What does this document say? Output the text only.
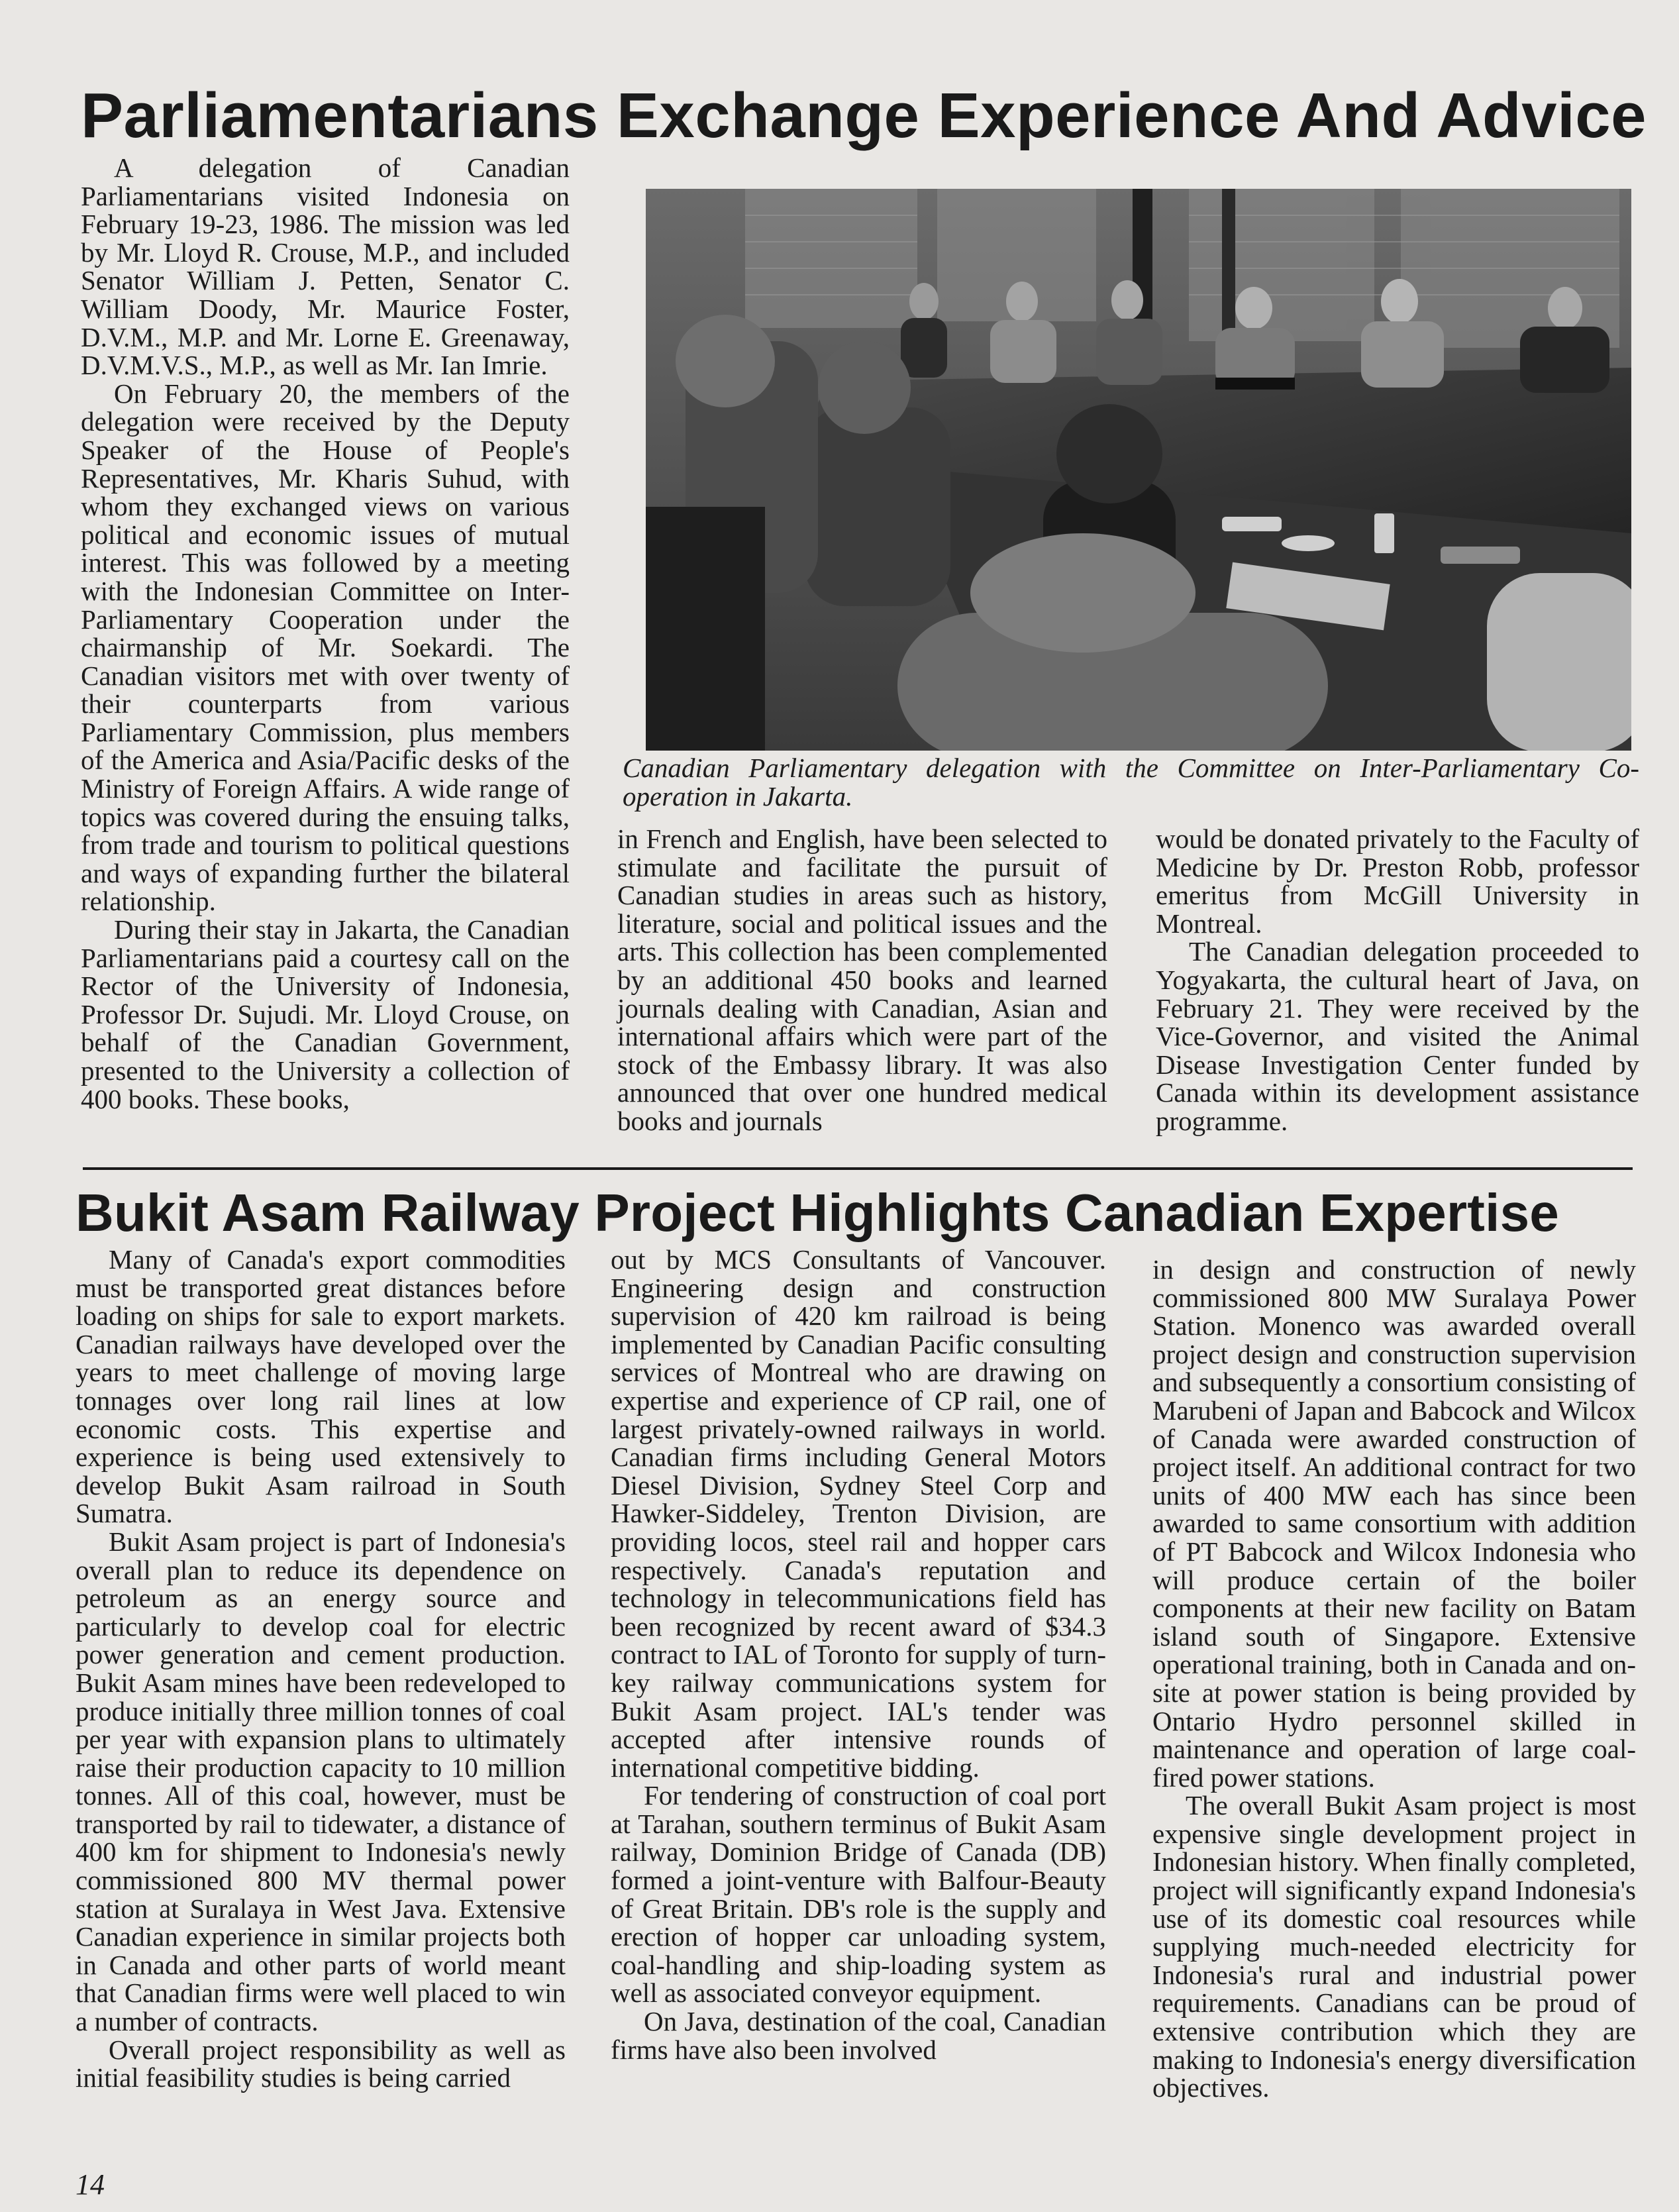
Parliamentarians Exchange Experience And Advice

A delegation of Canadian Parliamentarians visited Indonesia on February 19-23, 1986. The mission was led by Mr. Lloyd R. Crouse, M.P., and included Senator William J. Petten, Senator C. William Doody, Mr. Maurice Foster, D.V.M., M.P. and Mr. Lorne E. Greenaway, D.V.M.V.S., M.P., as well as Mr. Ian Imrie.

On February 20, the members of the delegation were received by the Deputy Speaker of the House of People's Representatives, Mr. Kharis Suhud, with whom they exchanged views on various political and economic issues of mutual interest. This was followed by a meeting with the Indonesian Committee on Inter-Parliamentary Cooperation under the chairmanship of Mr. Soekardi. The Canadian visitors met with over twenty of their counterparts from various Parliamentary Commission, plus members of the America and Asia/Pacific desks of the Ministry of Foreign Affairs. A wide range of topics was covered during the ensuing talks, from trade and tourism to political questions and ways of expanding further the bilateral relationship.

During their stay in Jakarta, the Canadian Parliamentarians paid a courtesy call on the Rector of the University of Indonesia, Professor Dr. Sujudi. Mr. Lloyd Crouse, on behalf of the Canadian Government, presented to the University a collection of 400 books. These books,

Canadian Parliamentary delegation with the Committee on Inter-Parliamentary Co-operation in Jakarta.

in French and English, have been selected to stimulate and facilitate the pursuit of Canadian studies in areas such as history, literature, social and political issues and the arts. This collection has been complemented by an additional 450 books and learned journals dealing with Canadian, Asian and international affairs which were part of the stock of the Embassy library. It was also announced that over one hundred medical books and journals

would be donated privately to the Faculty of Medicine by Dr. Preston Robb, professor emeritus from McGill University in Montreal.

The Canadian delegation proceeded to Yogyakarta, the cultural heart of Java, on February 21. They were received by the Vice-Governor, and visited the Animal Disease Investigation Center funded by Canada within its development assistance programme.

Bukit Asam Railway Project Highlights Canadian Expertise

Many of Canada's export commodities must be transported great distances before loading on ships for sale to export markets. Canadian railways have developed over the years to meet challenge of moving large tonnages over long rail lines at low economic costs. This expertise and experience is being used extensively to develop Bukit Asam railroad in South Sumatra.

Bukit Asam project is part of Indonesia's overall plan to reduce its dependence on petroleum as an energy source and particularly to develop coal for electric power generation and cement production. Bukit Asam mines have been redeveloped to produce initially three million tonnes of coal per year with expansion plans to ultimately raise their production capacity to 10 million tonnes. All of this coal, however, must be transported by rail to tidewater, a distance of 400 km for shipment to Indonesia's newly commissioned 800 MV thermal power station at Suralaya in West Java. Extensive Canadian experience in similar projects both in Canada and other parts of world meant that Canadian firms were well placed to win a number of contracts.

Overall project responsibility as well as initial feasibility studies is being carried

out by MCS Consultants of Vancouver. Engineering design and construction supervision of 420 km railroad is being implemented by Canadian Pacific consulting services of Montreal who are drawing on expertise and experience of CP rail, one of largest privately-owned railways in world. Canadian firms including General Motors Diesel Division, Sydney Steel Corp and Hawker-Siddeley, Trenton Division, are providing locos, steel rail and hopper cars respectively. Canada's reputation and technology in telecommunications field has been recognized by recent award of $34.3 contract to IAL of Toronto for supply of turn-key railway communications system for Bukit Asam project. IAL's tender was accepted after intensive rounds of international competitive bidding.

For tendering of construction of coal port at Tarahan, southern terminus of Bukit Asam railway, Dominion Bridge of Canada (DB) formed a joint-venture with Balfour-Beauty of Great Britain. DB's role is the supply and erection of hopper car unloading system, coal-handling and ship-loading system as well as associated conveyor equipment.

On Java, destination of the coal, Canadian firms have also been involved

in design and construction of newly commissioned 800 MW Suralaya Power Station. Monenco was awarded overall project design and construction supervision and subsequently a consortium consisting of Marubeni of Japan and Babcock and Wilcox of Canada were awarded construction of project itself. An additional contract for two units of 400 MW each has since been awarded to same consortium with addition of PT Babcock and Wilcox Indonesia who will produce certain of the boiler components at their new facility on Batam island south of Singapore. Extensive operational training, both in Canada and on-site at power station is being provided by Ontario Hydro personnel skilled in maintenance and operation of large coal-fired power stations.

The overall Bukit Asam project is most expensive single development project in Indonesian history. When finally completed, project will significantly expand Indonesia's use of its domestic coal resources while supplying much-needed electricity for Indonesia's rural and industrial power requirements. Canadians can be proud of extensive contribution which they are making to Indonesia's energy diversification objectives.

14
